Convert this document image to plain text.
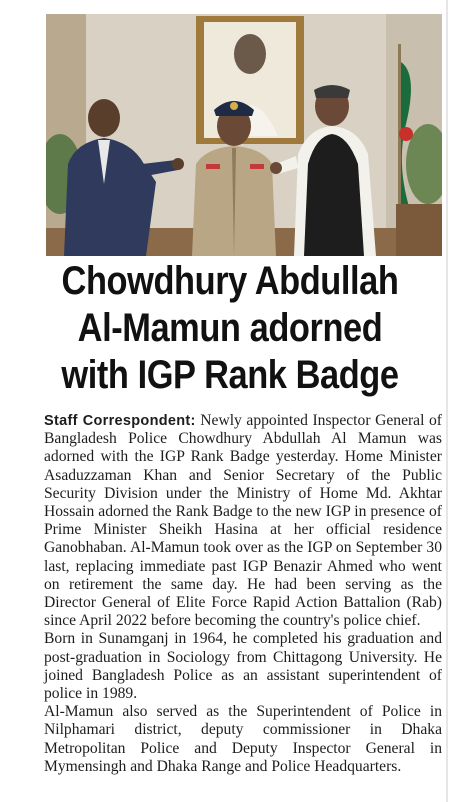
Chowdhury Abdullah
Al-Mamun adorned
with IGP Rank Badge

Staff Correspondent: Newly appointed Inspector General of Bangladesh Police Chowdhury Abdullah Al Mamun was adorned with the IGP Rank Badge yesterday. Home Minister Asaduzzaman Khan and Senior Secretary of the Public Security Division under the Ministry of Home Md. Akhtar Hossain adorned the Rank Badge to the new IGP in presence of Prime Minister Sheikh Hasina at her official residence Ganobhaban. Al-Mamun took over as the IGP on September 30 last, replacing immediate past IGP Benazir Ahmed who went on retirement the same day. He had been serving as the Director General of Elite Force Rapid Action Battalion (Rab) since April 2022 before becoming the country's police chief.

Born in Sunamganj in 1964, he completed his graduation and post-graduation in Sociology from Chittagong University. He joined Bangladesh Police as an assistant superintendent of police in 1989.

Al-Mamun also served as the Superintendent of Police in Nilphamari district, deputy commissioner in Dhaka Metropolitan Police and Deputy Inspector General in Mymensingh and Dhaka Range and Police Headquarters.
